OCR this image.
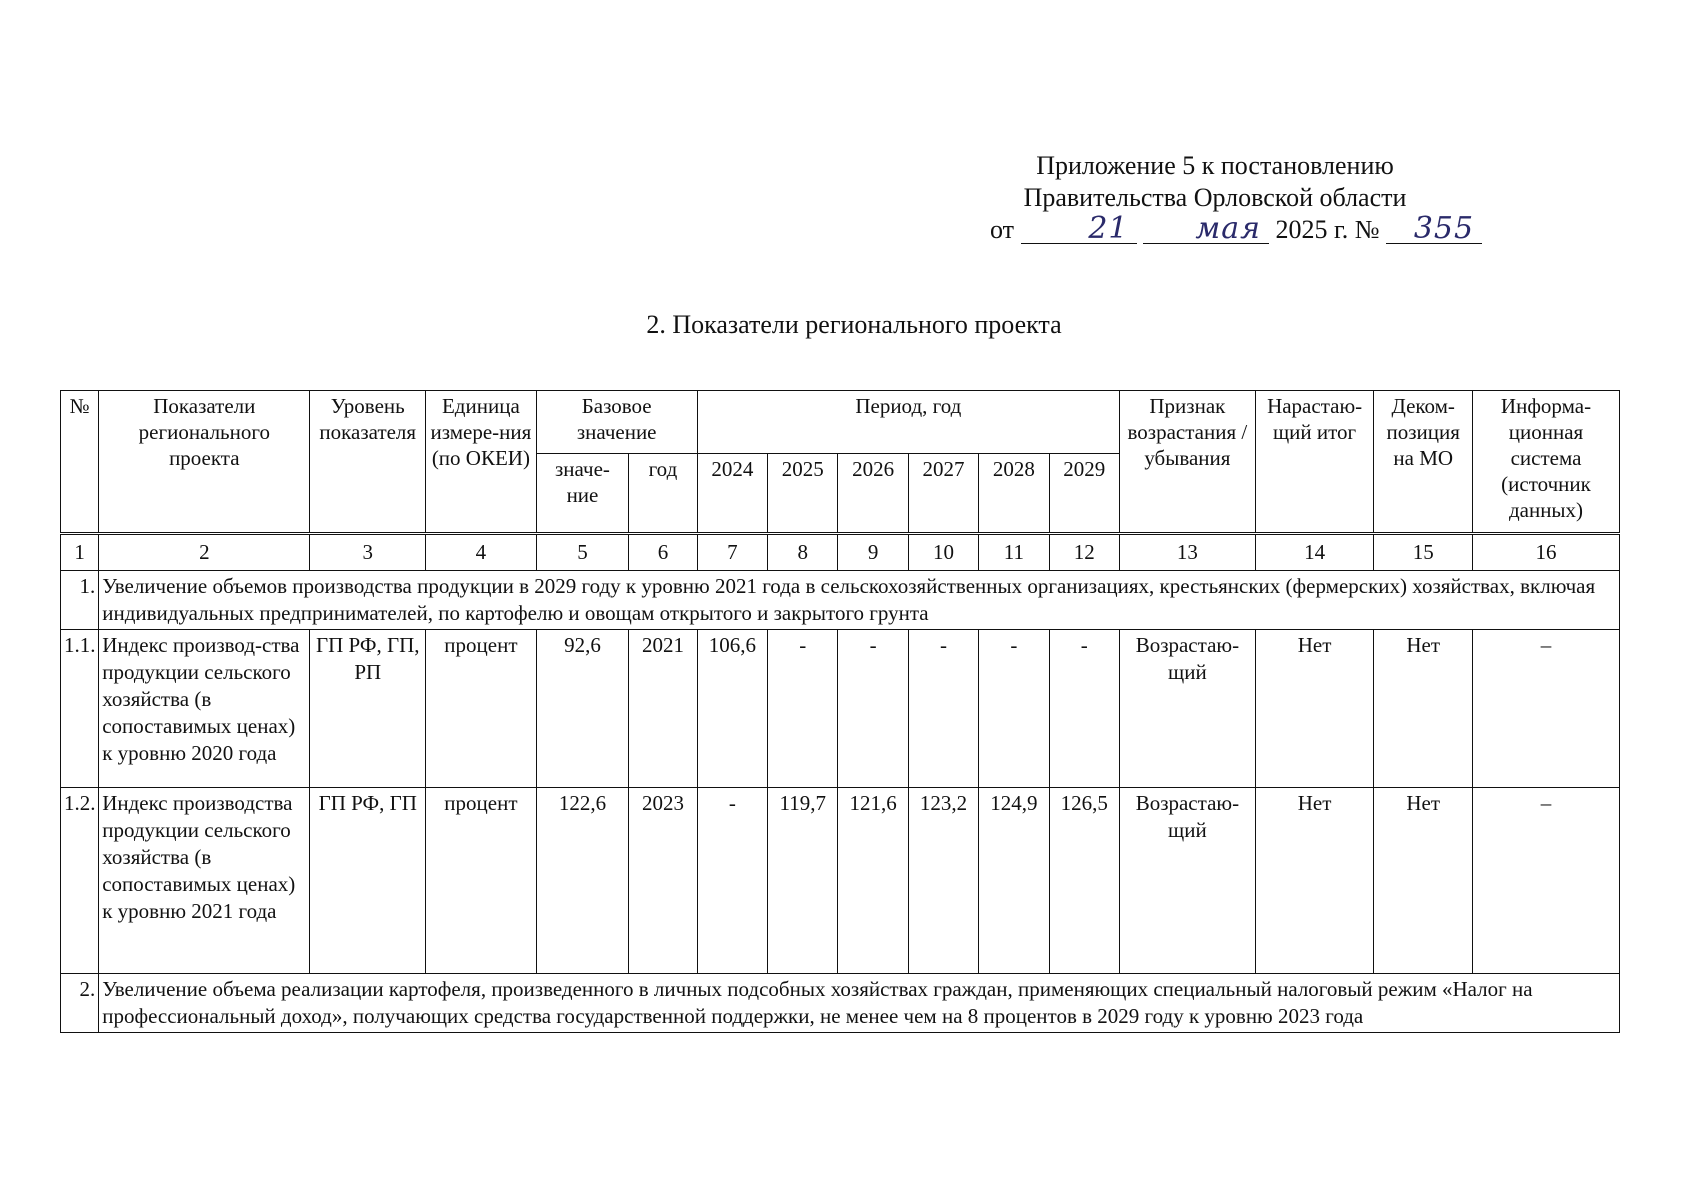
Приложение 5 к постановлению
Правительства Орловской области
от 21 мая 2025 г. № 355
2. Показатели регионального проекта
№	Показатели регионального проекта	Уровень показателя	Единица измере-ния (по ОКЕИ)	Базовое значение		Период, год						Признак возрастания /убывания	Нарастаю-щий итог	Деком-позиция на МО	Информа-ционная система (источник данных)
				значе-ние	год	2024	2025	2026	2027	2028	2029				
1	2	3	4	5	6	7	8	9	10	11	12	13	14	15	16
1.	Увеличение объемов производства продукции в 2029 году к уровню 2021 года в сельскохозяйственных организациях, крестьянских (фермерских) хозяйствах, включая индивидуальных предпринимателей, по картофелю и овощам открытого и закрытого грунта														
1.1.	Индекс производ-ства продукции сельского хозяйства (в сопоставимых ценах) к уровню 2020 года	ГП РФ, ГП, РП	процент	92,6	2021	106,6	-	-	-	-	-	Возрастаю-щий	Нет	Нет	–
1.2.	Индекс производства продукции сельского хозяйства (в сопоставимых ценах) к уровню 2021 года	ГП РФ, ГП	процент	122,6	2023	-	119,7	121,6	123,2	124,9	126,5	Возрастаю-щий	Нет	Нет	–
2.	Увеличение объема реализации картофеля, произведенного в личных подсобных хозяйствах граждан, применяющих специальный налоговый режим «Налог на профессиональный доход», получающих средства государственной поддержки, не менее чем на 8 процентов в 2029 году к уровню 2023 года														
